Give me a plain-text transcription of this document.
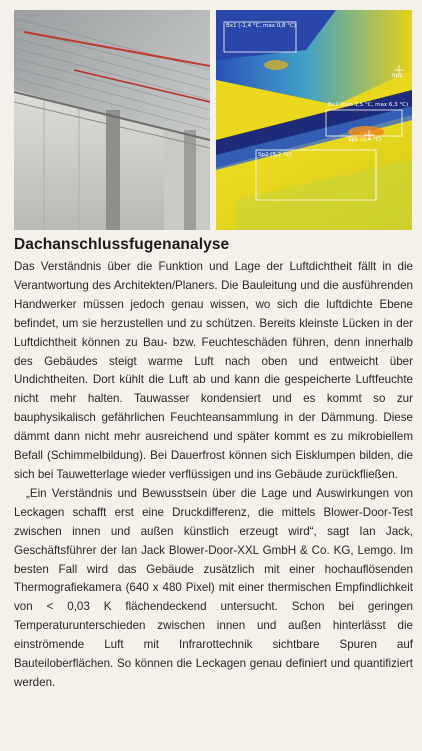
Bx1 (-1,4 °C, max 0,8 °C)
Sp1
Bx2 (min 1,5 °C, max 6,3 °C)
Sp1 (3,4 °C)
Sp2 (5,2 °C)
Dachanschlussfugenanalyse

Das Verständnis über die Funktion und Lage der Luftdichtheit fällt in die Verantwortung des Architekten/Planers. Die Bauleitung und die ausführenden Handwerker müssen jedoch genau wissen, wo sich die luftdichte Ebene befindet, um sie herzustellen und zu schützen. Bereits kleinste Lücken in der Luftdichtheit können zu Bau- bzw. Feuchteschäden führen, denn innerhalb des Gebäudes steigt warme Luft nach oben und entweicht über Undichtheiten. Dort kühlt die Luft ab und kann die gespeicherte Luftfeuchte nicht mehr halten. Tauwasser kondensiert und es kommt so zur bauphysikalisch gefährlichen Feuchteansammlung in der Dämmung. Diese dämmt dann nicht mehr ausreichend und später kommt es zu mikrobiellem Befall (Schimmelbildung). Bei Dauerfrost können sich Eisklumpen bilden, die sich bei Tauwetterlage wieder verflüssigen und ins Gebäude zurückfließen.

„Ein Verständnis und Bewusstsein über die Lage und Auswirkungen von Leckagen schafft erst eine Druckdifferenz, die mittels Blower-Door-Test zwischen innen und außen künstlich erzeugt wird“, sagt Ian Jack, Geschäftsführer der Ian Jack Blower-Door-XXL GmbH & Co. KG, Lemgo. Im besten Fall wird das Gebäude zusätzlich mit einer hochauflösenden Thermografiekamera (640 x 480 Pixel) mit einer thermischen Empfindlichkeit von < 0,03 K flächendeckend untersucht. Schon bei geringen Temperaturunterschieden zwischen innen und außen hinterlässt die einströmende Luft mit Infrarottechnik sichtbare Spuren auf Bauteiloberflächen. So können die Leckagen genau definiert und quantifiziert werden.
